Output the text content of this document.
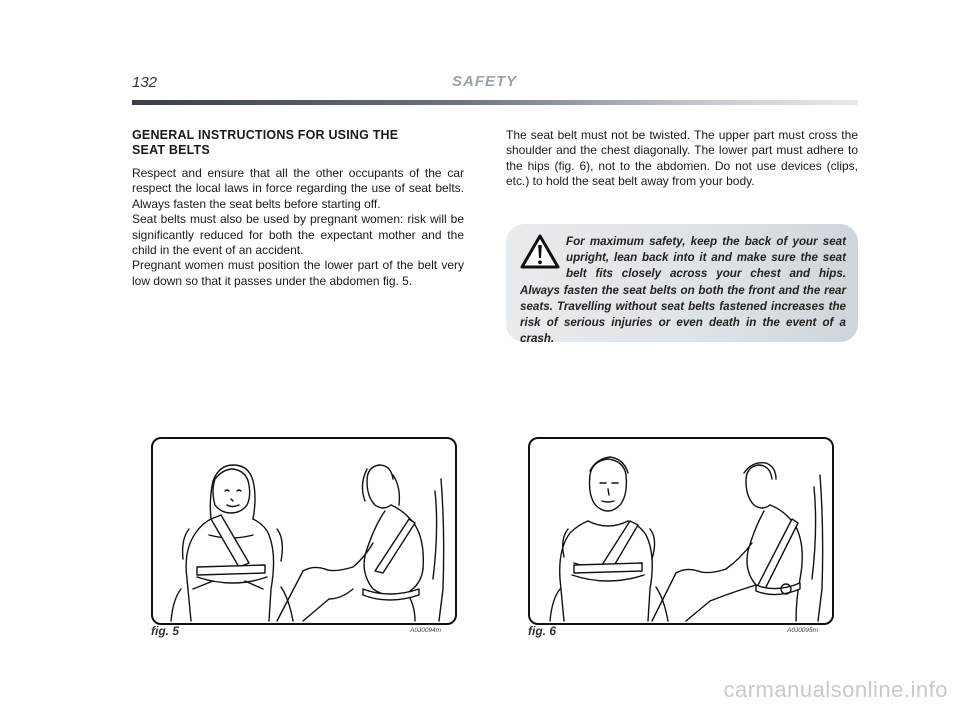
132	SAFETY
GENERAL INSTRUCTIONS FOR USING THE
SEAT BELTS

Respect and ensure that all the other occupants of the car respect the local laws in force regarding the use of seat belts. Always fasten the seat belts before starting off.

Seat belts must also be used by pregnant women: risk will be significantly reduced for both the expectant mother and the child in the event of an accident.

Pregnant women must position the lower part of the belt very low down so that it passes under the abdomen fig. 5.

The seat belt must not be twisted. The upper part must cross the shoulder and the chest diagonally. The lower part must adhere to the hips (fig. 6), not to the abdomen. Do not use devices (clips, etc.) to hold the seat belt away from your body.

For maximum safety, keep the back of your seat upright, lean back into it and make sure the seat belt fits closely across your chest and hips. Always fasten the seat belts on both the front and the rear seats. Travelling without seat belts fastened increases the risk of serious injuries or even death in the event of a crash.
fig. 5	A0J0094m	fig. 6	A0J0095m
carmanualsonline.info
